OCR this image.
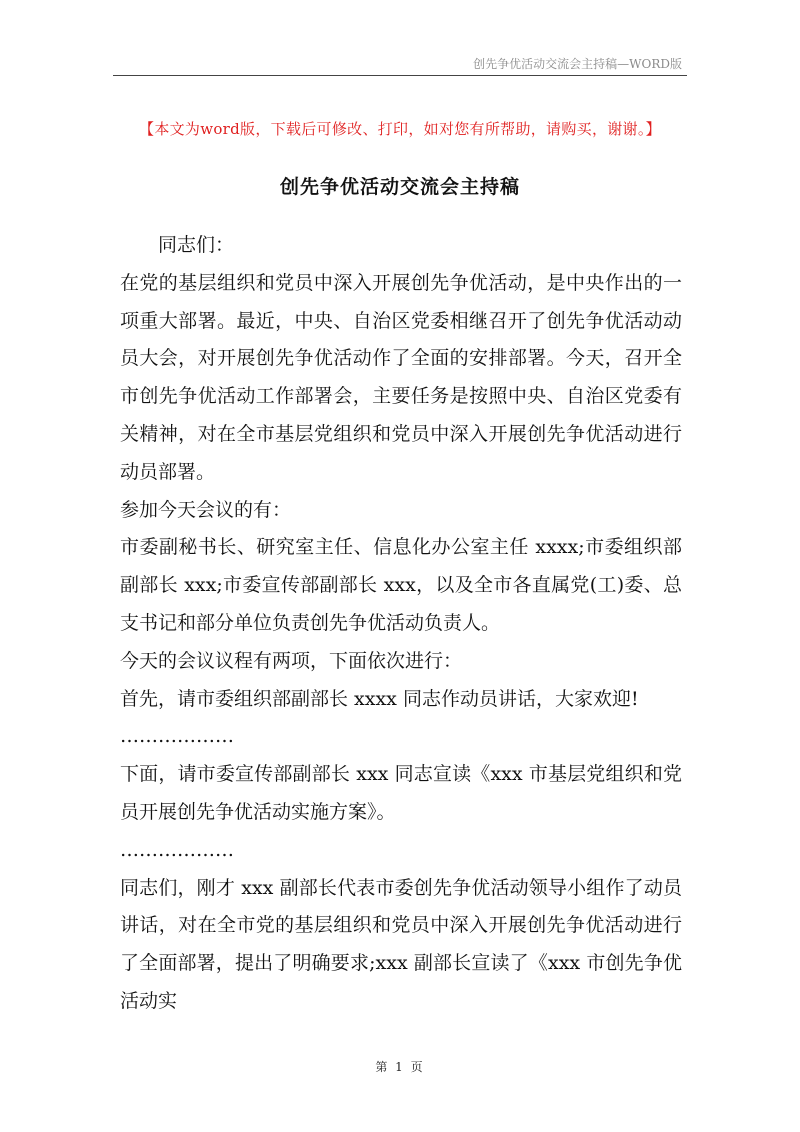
创先争优活动交流会主持稿—WORD版
【本文为word版，下载后可修改、打印，如对您有所帮助，请购买，谢谢。】
创先争优活动交流会主持稿

同志们：

在党的基层组织和党员中深入开展创先争优活动，是中央作出的一项重大部署。最近，中央、自治区党委相继召开了创先争优活动动员大会，对开展创先争优活动作了全面的安排部署。今天，召开全市创先争优活动工作部署会，主要任务是按照中央、自治区党委有关精神，对在全市基层党组织和党员中深入开展创先争优活动进行动员部署。

参加今天会议的有：

市委副秘书长、研究室主任、信息化办公室主任 xxxx;市委组织部副部长 xxx;市委宣传部副部长 xxx，以及全市各直属党(工)委、总支书记和部分单位负责创先争优活动负责人。

今天的会议议程有两项，下面依次进行：

首先，请市委组织部副部长 xxxx 同志作动员讲话，大家欢迎!

………………

下面，请市委宣传部副部长 xxx 同志宣读《xxx 市基层党组织和党员开展创先争优活动实施方案》。

………………

同志们，刚才 xxx 副部长代表市委创先争优活动领导小组作了动员讲话，对在全市党的基层组织和党员中深入开展创先争优活动进行了全面部署，提出了明确要求;xxx 副部长宣读了《xxx 市创先争优活动实

第 1 页
